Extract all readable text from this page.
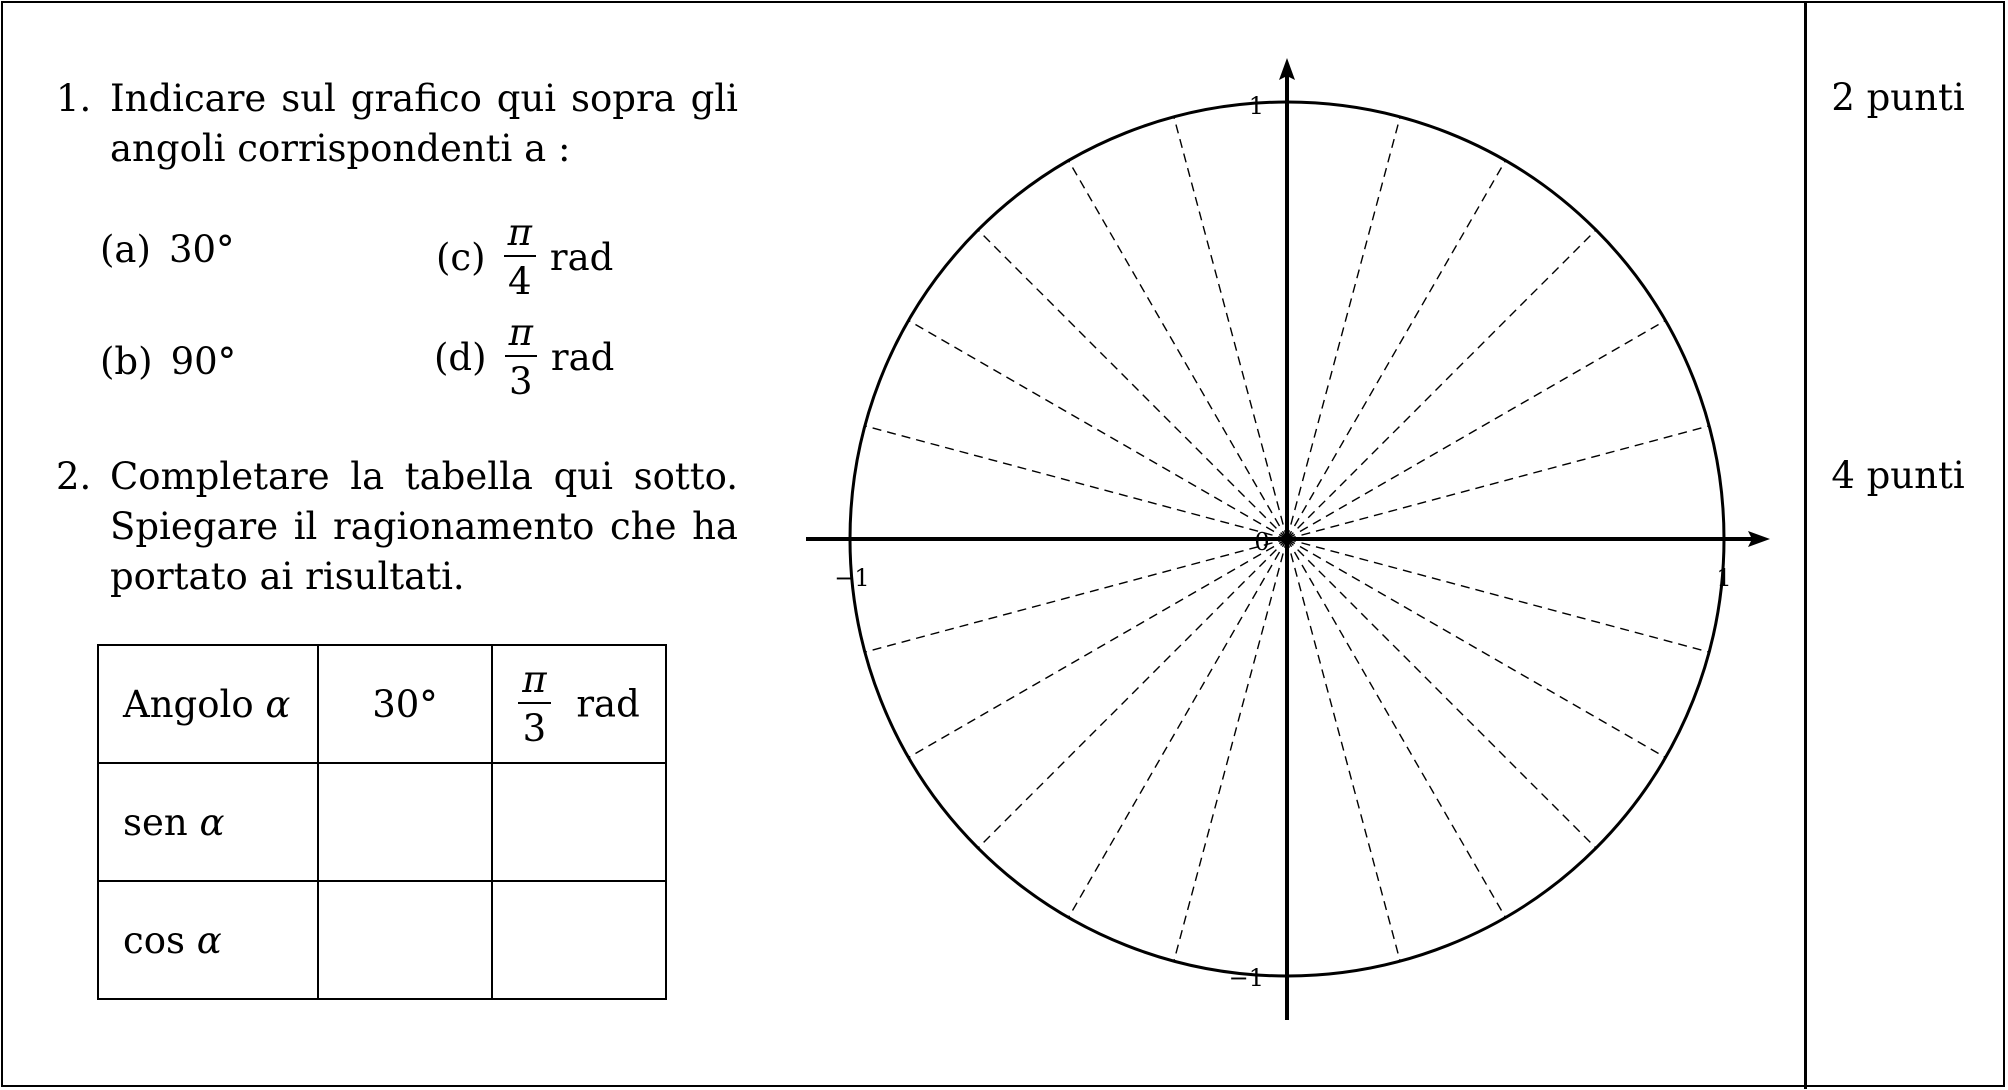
1. Indicare sul grafico qui sopra gli
angoli corrispondenti a :
(a) 30°
(b) 90°
$(c) \frac{\pi}{4}$ rad
$(d) \frac{\pi}{3}$ rad
2. Completare la tabella qui sotto.
Spiegare il ragionamento che ha
portato ai risultati.
Angolo α	30°	$\frac{\pi}{3}$ rad
sen α		
cos α		
1
−1
−1	1
0
2 punti
4 punti
